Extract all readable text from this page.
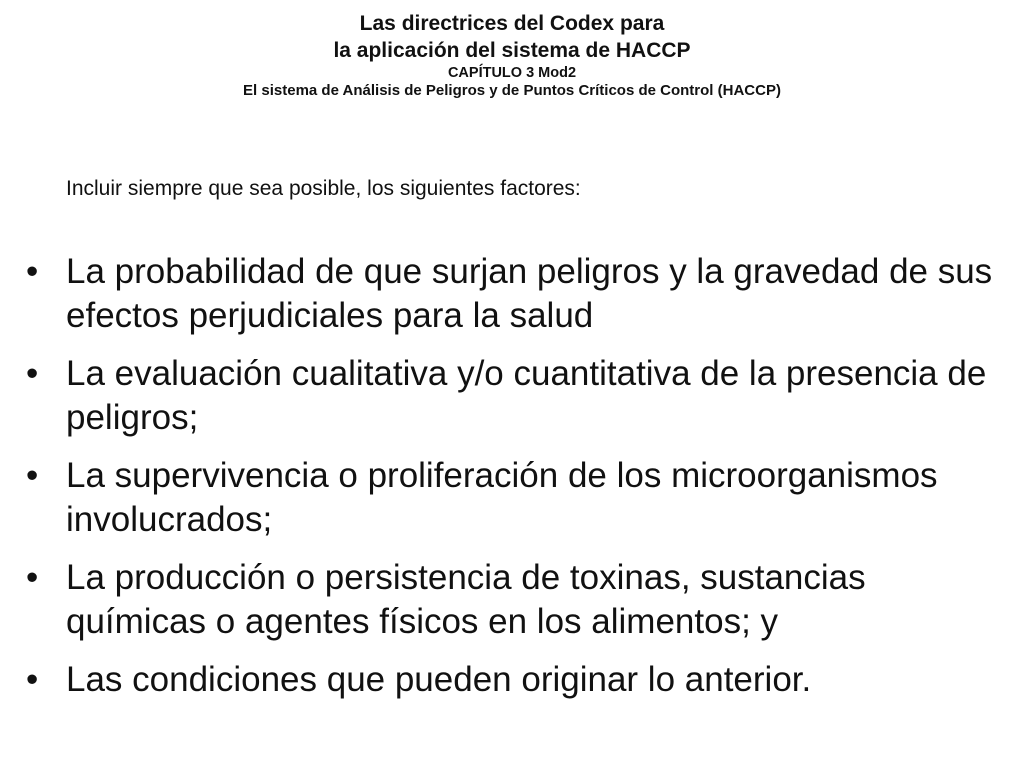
Las directrices del Codex para
la aplicación del sistema de HACCP
CAPÍTULO 3 Mod2
El sistema de Análisis de Peligros y de Puntos Críticos de Control (HACCP)
Incluir siempre que sea posible, los siguientes factores:
• La probabilidad de que surjan peligros y la gravedad de sus efectos perjudiciales para la salud
• La evaluación cualitativa y/o cuantitativa de la presencia de peligros;
• La supervivencia o proliferación de los microorganismos involucrados;
• La producción o persistencia de toxinas, sustancias químicas o agentes físicos en los alimentos; y
• Las condiciones que pueden originar lo anterior.
